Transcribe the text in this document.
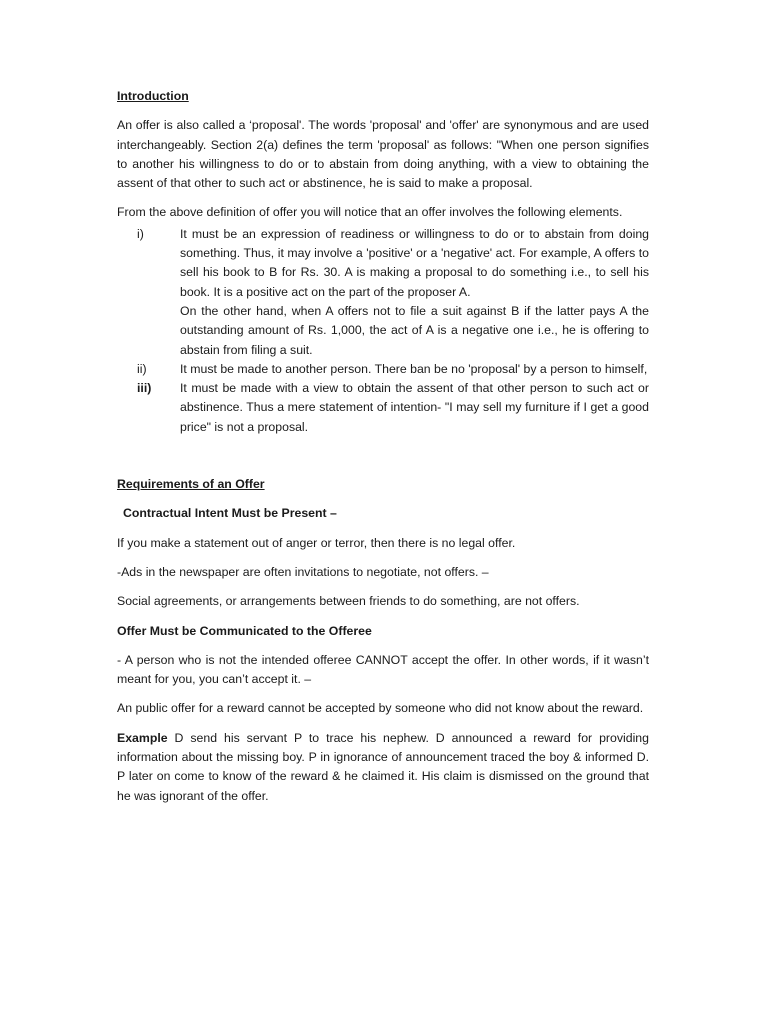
Introduction

An offer is also called a ‘proposal'. The words 'proposal' and 'offer' are synonymous and are used interchangeably. Section 2(a) defines the term 'proposal' as follows: "When one person signifies to another his willingness to do or to abstain from doing anything, with a view to obtaining the assent of that other to such act or abstinence, he is said to make a proposal.

From the above definition of offer you will notice that an offer involves the following elements.

i)	It must be an expression of readiness or willingness to do or to abstain from doing something. Thus, it may involve a 'positive' or a 'negative' act. For example, A offers to sell his book to B for Rs. 30. A is making a proposal to do something i.e., to sell his book. It is a positive act on the part of the proposer A.

On the other hand, when A offers not to file a suit against B if the latter pays A the outstanding amount of Rs. 1,000, the act of A is a negative one i.e., he is offering to abstain from filing a suit.

ii)	It must be made to another person. There ban be no 'proposal' by a person to himself,

iii)	It must be made with a view to obtain the assent of that other person to such act or abstinence. Thus a mere statement of intention- "I may sell my furniture if I get a good price" is not a proposal.

Requirements of an Offer

Contractual Intent Must be Present –

If you make a statement out of anger or terror, then there is no legal offer.

-Ads in the newspaper are often invitations to negotiate, not offers. –

Social agreements, or arrangements between friends to do something, are not offers.

Offer Must be Communicated to the Offeree

- A person who is not the intended offeree CANNOT accept the offer. In other words, if it wasn’t meant for you, you can’t accept it. –

An public offer for a reward cannot be accepted by someone who did not know about the reward.

Example D send his servant P to trace his nephew. D announced a reward for providing information about the missing boy. P in ignorance of announcement traced the boy & informed D. P later on come to know of the reward & he claimed it. His claim is dismissed on the ground that he was ignorant of the offer.
